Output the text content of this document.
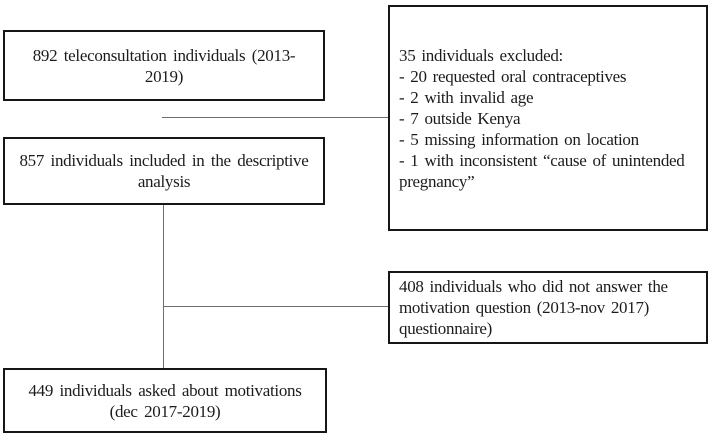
892 teleconsultation individuals (2013-
2019)
35 individuals excluded:
- 20 requested oral contraceptives
- 2 with invalid age
- 7 outside Kenya
- 5 missing information on location
- 1 with inconsistent “cause of unintended
pregnancy”
857 individuals included in the descriptive
analysis
408 individuals who did not answer the
motivation question (2013-nov 2017)
questionnaire)
449 individuals asked about motivations
(dec 2017-2019)
